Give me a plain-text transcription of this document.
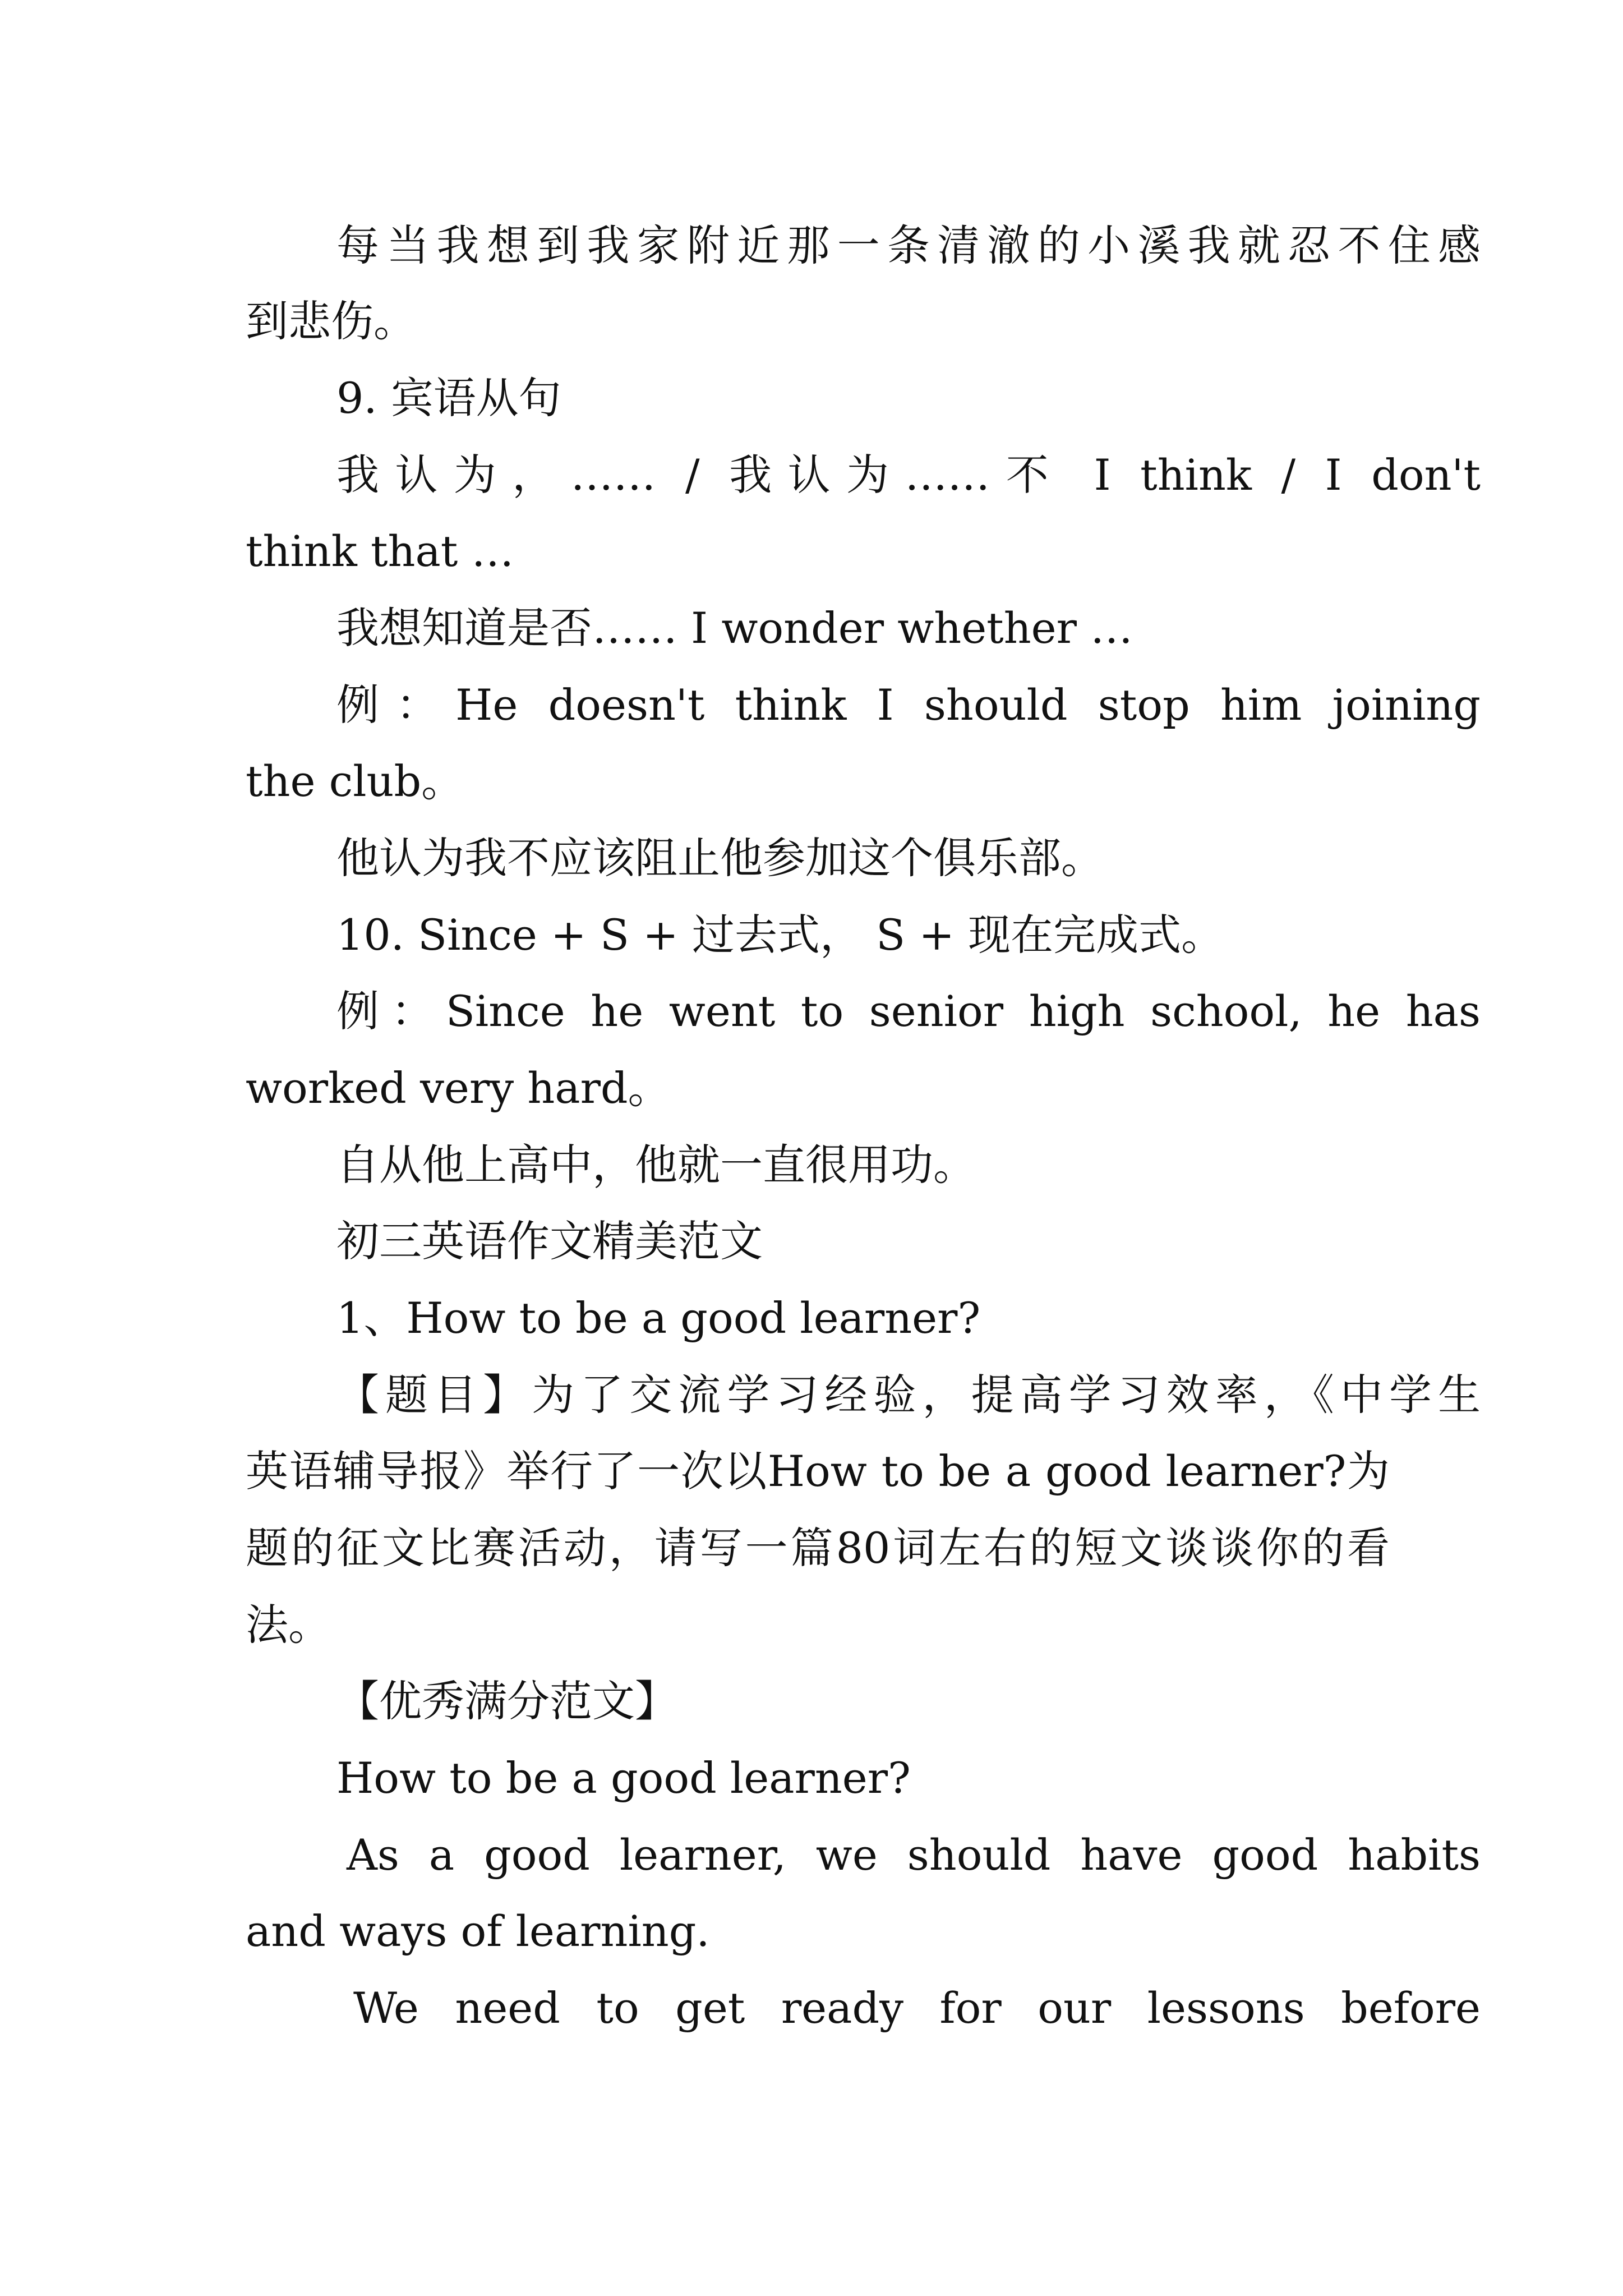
每当我想到我家附近那一条清澈的小溪我就忍不住感
到悲伤。
9. 宾语从句
我认为，…… / 我认为……不 I think / I don't
think that …
我想知道是否…… I wonder whether …
例：He doesn't think I should stop him joining
the club。
他认为我不应该阻止他参加这个俱乐部。
10. Since + S + 过去式， S + 现在完成式。
例：Since he went to senior high school, he has
worked very hard。
自从他上高中，他就一直很用功。
初三英语作文精美范文
1、How to be a good learner?
【题目】为了交流学习经验，提高学习效率，《中学生
英语辅导报》举行了一次以How to be a good learner?为
题的征文比赛活动，请写一篇80词左右的短文谈谈你的看
法。
【优秀满分范文】
How to be a good learner?
As a good learner, we should have good habits
and ways of learning.
We need to get ready for our lessons before
